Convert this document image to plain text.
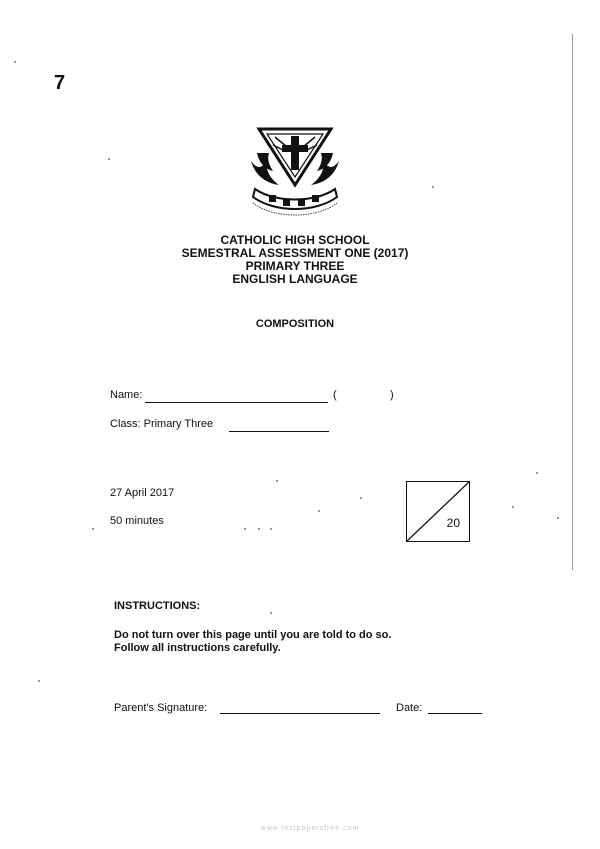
7
CATHOLIC HIGH SCHOOL
SEMESTRAL ASSESSMENT ONE (2017)
PRIMARY THREE
ENGLISH LANGUAGE
COMPOSITION
Name:	(	)
Class: Primary Three
27 April 2017
50 minutes	20
INSTRUCTIONS:
Do not turn over this page until you are told to do so.
Follow all instructions carefully.
Parent's Signature:	Date:
www.testpapersfree.com
